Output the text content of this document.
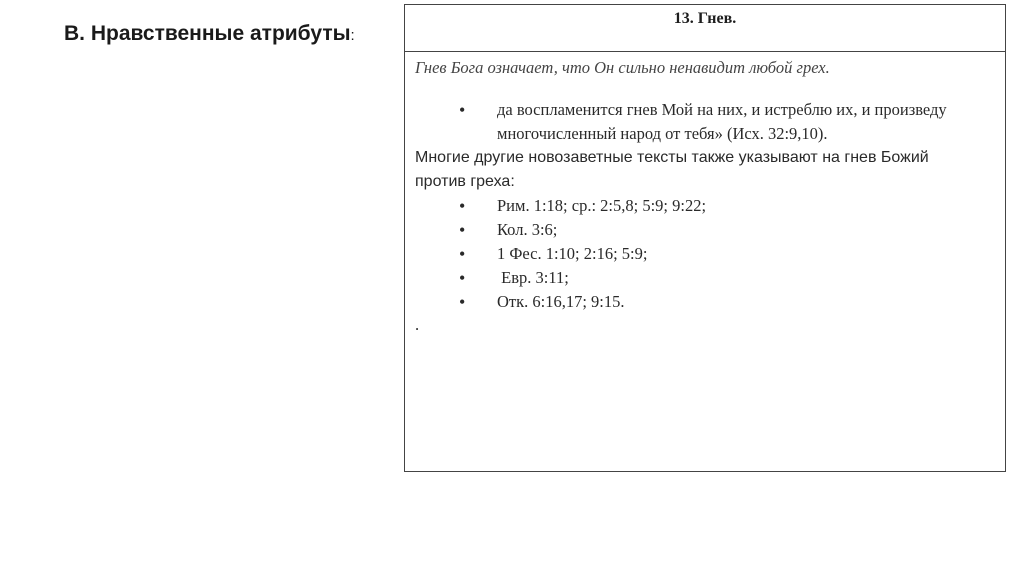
В. Нравственные атрибуты:
13. Гнев.

Гнев Бога означает, что Он сильно ненавидит любой грех.

• да воспламенится гнев Мой на них, и истреблю их, и произведу многочисленный народ от тебя» (Исх. 32:9,10).
Многие другие новозаветные тексты также указывают на гнев Божий против греха:
• Рим. 1:18; ср.: 2:5,8; 5:9; 9:22;
• Кол. 3:6;
• 1 Фес. 1:10; 2:16; 5:9;
• Евр. 3:11;
• Отк. 6:16,17; 9:15.
.
